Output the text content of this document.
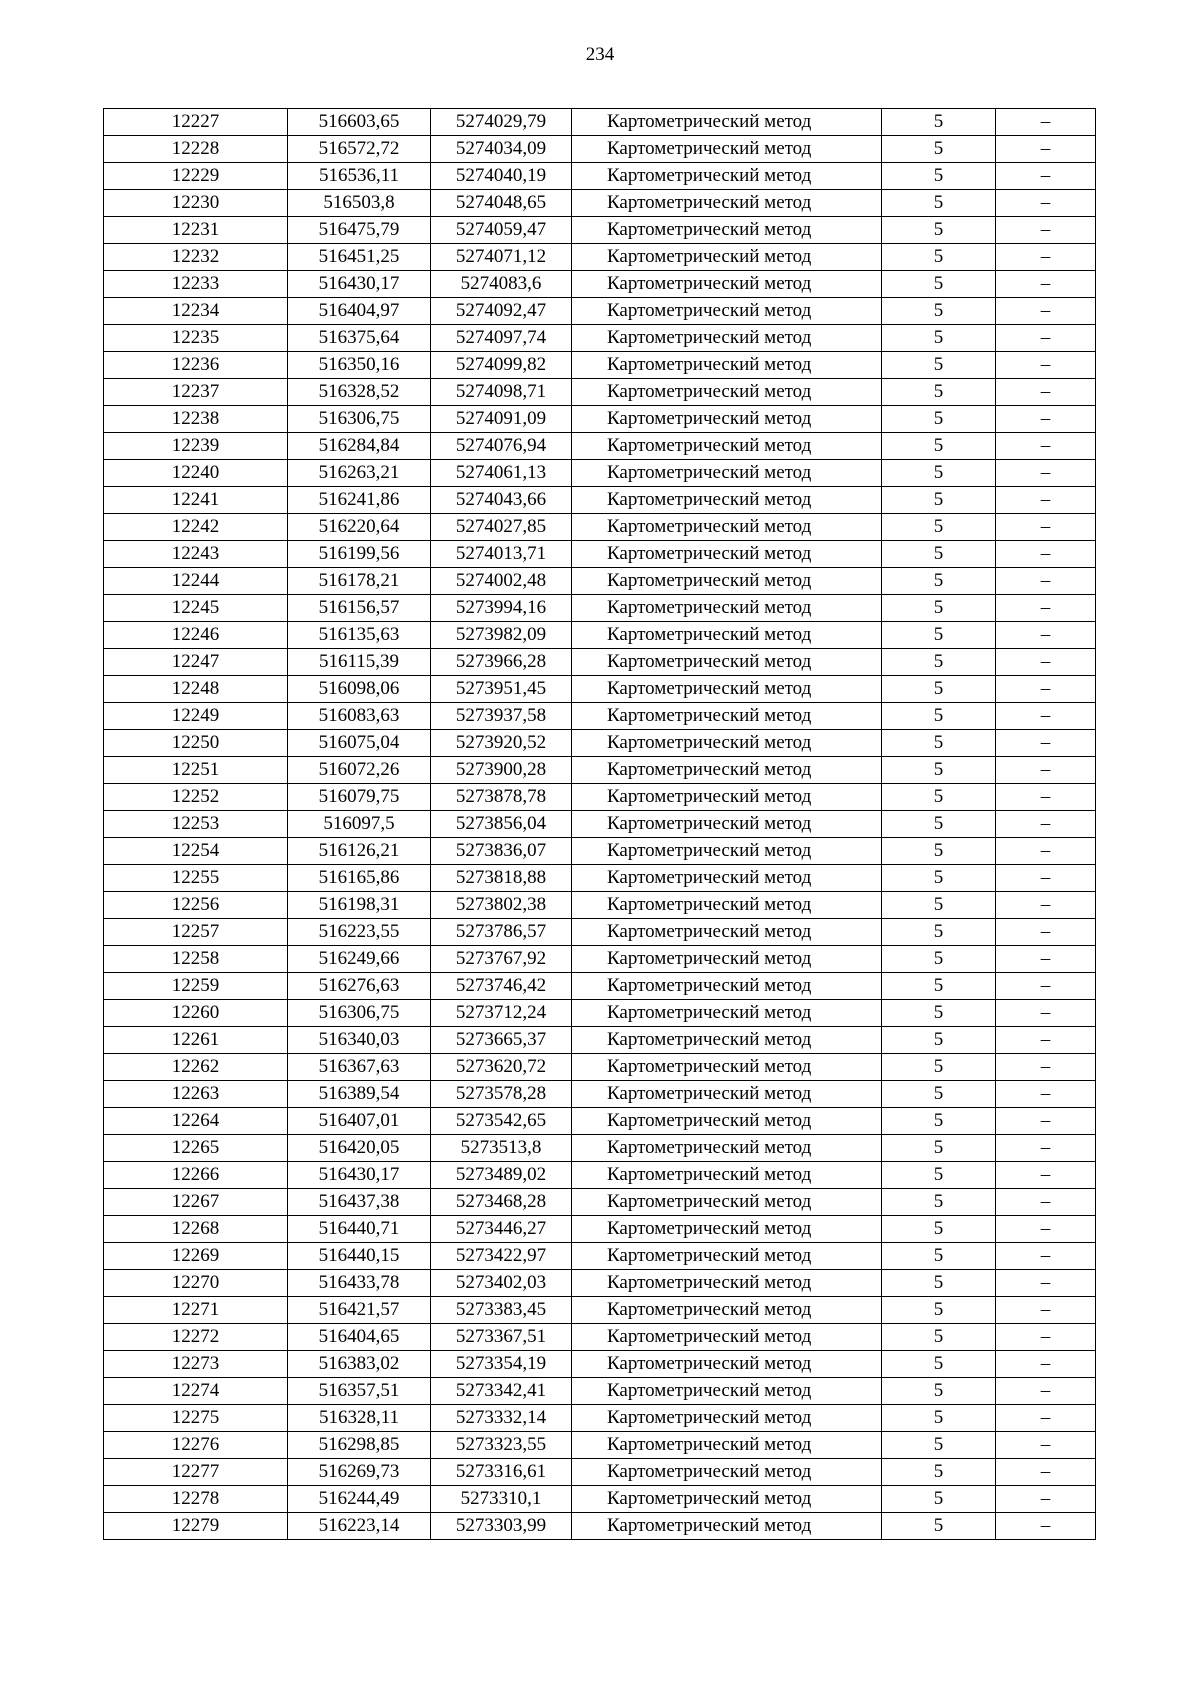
234
12227	516603,65	5274029,79	Картометрический метод	5	–
12228	516572,72	5274034,09	Картометрический метод	5	–
12229	516536,11	5274040,19	Картометрический метод	5	–
12230	516503,8	5274048,65	Картометрический метод	5	–
12231	516475,79	5274059,47	Картометрический метод	5	–
12232	516451,25	5274071,12	Картометрический метод	5	–
12233	516430,17	5274083,6	Картометрический метод	5	–
12234	516404,97	5274092,47	Картометрический метод	5	–
12235	516375,64	5274097,74	Картометрический метод	5	–
12236	516350,16	5274099,82	Картометрический метод	5	–
12237	516328,52	5274098,71	Картометрический метод	5	–
12238	516306,75	5274091,09	Картометрический метод	5	–
12239	516284,84	5274076,94	Картометрический метод	5	–
12240	516263,21	5274061,13	Картометрический метод	5	–
12241	516241,86	5274043,66	Картометрический метод	5	–
12242	516220,64	5274027,85	Картометрический метод	5	–
12243	516199,56	5274013,71	Картометрический метод	5	–
12244	516178,21	5274002,48	Картометрический метод	5	–
12245	516156,57	5273994,16	Картометрический метод	5	–
12246	516135,63	5273982,09	Картометрический метод	5	–
12247	516115,39	5273966,28	Картометрический метод	5	–
12248	516098,06	5273951,45	Картометрический метод	5	–
12249	516083,63	5273937,58	Картометрический метод	5	–
12250	516075,04	5273920,52	Картометрический метод	5	–
12251	516072,26	5273900,28	Картометрический метод	5	–
12252	516079,75	5273878,78	Картометрический метод	5	–
12253	516097,5	5273856,04	Картометрический метод	5	–
12254	516126,21	5273836,07	Картометрический метод	5	–
12255	516165,86	5273818,88	Картометрический метод	5	–
12256	516198,31	5273802,38	Картометрический метод	5	–
12257	516223,55	5273786,57	Картометрический метод	5	–
12258	516249,66	5273767,92	Картометрический метод	5	–
12259	516276,63	5273746,42	Картометрический метод	5	–
12260	516306,75	5273712,24	Картометрический метод	5	–
12261	516340,03	5273665,37	Картометрический метод	5	–
12262	516367,63	5273620,72	Картометрический метод	5	–
12263	516389,54	5273578,28	Картометрический метод	5	–
12264	516407,01	5273542,65	Картометрический метод	5	–
12265	516420,05	5273513,8	Картометрический метод	5	–
12266	516430,17	5273489,02	Картометрический метод	5	–
12267	516437,38	5273468,28	Картометрический метод	5	–
12268	516440,71	5273446,27	Картометрический метод	5	–
12269	516440,15	5273422,97	Картометрический метод	5	–
12270	516433,78	5273402,03	Картометрический метод	5	–
12271	516421,57	5273383,45	Картометрический метод	5	–
12272	516404,65	5273367,51	Картометрический метод	5	–
12273	516383,02	5273354,19	Картометрический метод	5	–
12274	516357,51	5273342,41	Картометрический метод	5	–
12275	516328,11	5273332,14	Картометрический метод	5	–
12276	516298,85	5273323,55	Картометрический метод	5	–
12277	516269,73	5273316,61	Картометрический метод	5	–
12278	516244,49	5273310,1	Картометрический метод	5	–
12279	516223,14	5273303,99	Картометрический метод	5	–
